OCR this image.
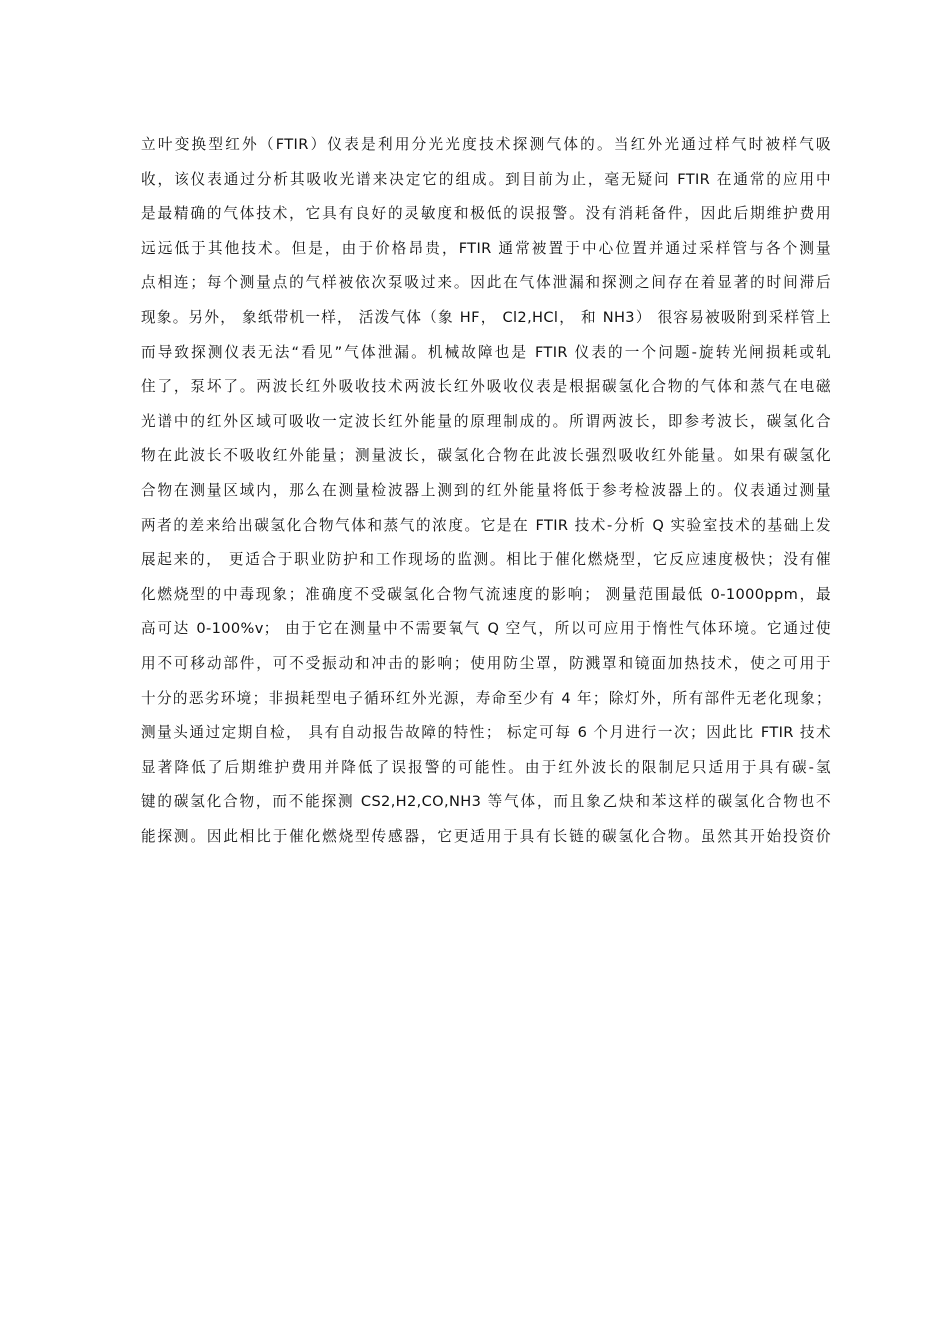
立叶变换型红外（FTIR）仪表是利用分光光度技术探测气体的。当红外光通过样气时被样气吸
收，该仪表通过分析其吸收光谱来决定它的组成。到目前为止，毫无疑问 FTIR 在通常的应用中
是最精确的气体技术，它具有良好的灵敏度和极低的误报警。没有消耗备件，因此后期维护费用
远远低于其他技术。但是，由于价格昂贵，FTIR 通常被置于中心位置并通过采样管与各个测量
点相连；每个测量点的气样被依次泵吸过来。因此在气体泄漏和探测之间存在着显著的时间滞后
现象。另外， 象纸带机一样， 活泼气体（象 HF， Cl2,HCl， 和 NH3） 很容易被吸附到采样管上
而导致探测仪表无法“看见”气体泄漏。机械故障也是 FTIR 仪表的一个问题-旋转光闸损耗或轧
住了，泵坏了。两波长红外吸收技术两波长红外吸收仪表是根据碳氢化合物的气体和蒸气在电磁
光谱中的红外区域可吸收一定波长红外能量的原理制成的。所谓两波长，即参考波长，碳氢化合
物在此波长不吸收红外能量；测量波长，碳氢化合物在此波长强烈吸收红外能量。如果有碳氢化
合物在测量区域内，那么在测量检波器上测到的红外能量将低于参考检波器上的。仪表通过测量
两者的差来给出碳氢化合物气体和蒸气的浓度。它是在 FTIR 技术-分析 Q 实验室技术的基础上发
展起来的， 更适合于职业防护和工作现场的监测。相比于催化燃烧型，它反应速度极快；没有催
化燃烧型的中毒现象；准确度不受碳氢化合物气流速度的影响； 测量范围最低 0-1000ppm，最
高可达 0-100%v； 由于它在测量中不需要氧气 Q 空气，所以可应用于惰性气体环境。它通过使
用不可移动部件，可不受振动和冲击的影响；使用防尘罩，防溅罩和镜面加热技术，使之可用于
十分的恶劣环境；非损耗型电子循环红外光源，寿命至少有 4 年；除灯外，所有部件无老化现象；
测量头通过定期自检， 具有自动报告故障的特性； 标定可每 6 个月进行一次；因此比 FTIR 技术
显著降低了后期维护费用并降低了误报警的可能性。由于红外波长的限制尼只适用于具有碳-氢
键的碳氢化合物，而不能探测 CS2,H2,CO,NH3 等气体，而且象乙炔和苯这样的碳氢化合物也不
能探测。因此相比于催化燃烧型传感器，它更适用于具有长链的碳氢化合物。虽然其开始投资价
